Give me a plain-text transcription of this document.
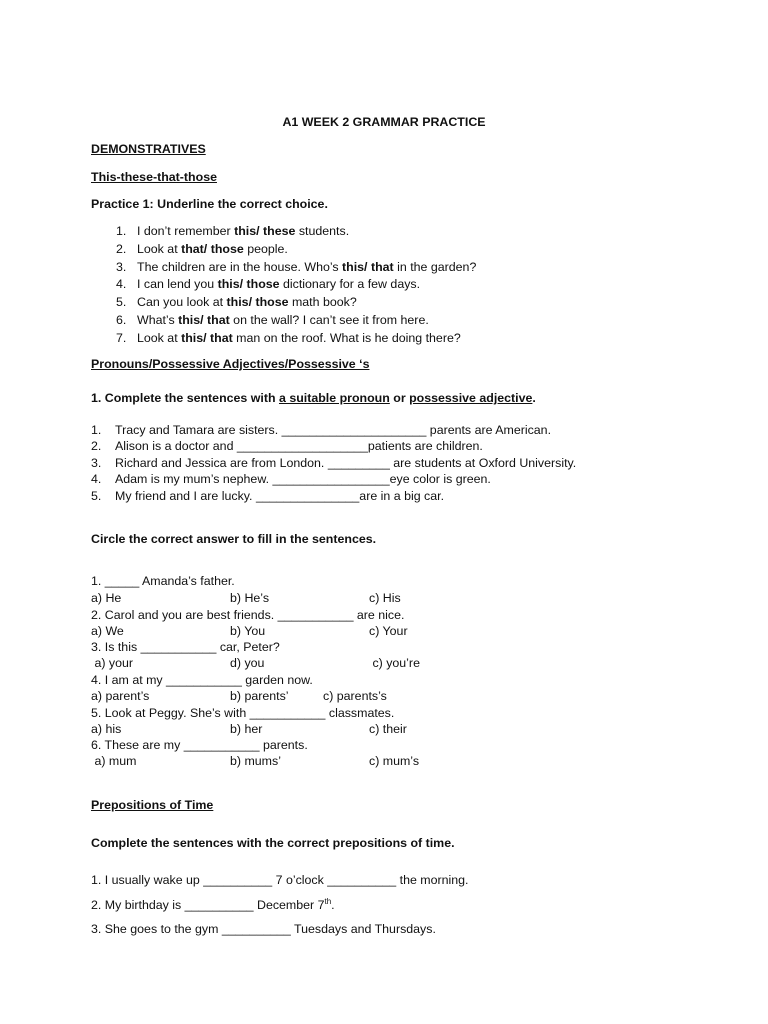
A1 WEEK 2 GRAMMAR PRACTICE
DEMONSTRATIVES
This-these-that-those
Practice 1: Underline the correct choice.
1. I don’t remember this/ these students.
2. Look at that/ those people.
3. The children are in the house. Who’s this/ that in the garden?
4. I can lend you this/ those dictionary for a few days.
5. Can you look at this/ those math book?
6. What’s this/ that on the wall? I can’t see it from here.
7. Look at this/ that man on the roof. What is he doing there?
Pronouns/Possessive Adjectives/Possessive ‘s
1. Complete the sentences with a suitable pronoun or possessive adjective.
1. Tracy and Tamara are sisters. _____________________ parents are American.
2. Alison is a doctor and ___________________patients are children.
3. Richard and Jessica are from London. _________ are students at Oxford University.
4. Adam is my mum’s nephew. _________________eye color is green.
5. My friend and I are lucky. _______________are in a big car.
Circle the correct answer to fill in the sentences.
1. _____ Amanda’s father.
a) He	b) He’s	c) His
2. Carol and you are best friends. ___________ are nice.
a) We	b) You	c) Your
3. Is this ___________ car, Peter?
a) your	d) you	c) you’re
4. I am at my ___________ garden now.
a) parent’s	b) parents’	c) parents’s
5. Look at Peggy. She’s with ___________ classmates.
a) his	b) her	c) their
6. These are my ___________ parents.
a) mum	b) mums’	c) mum’s
Prepositions of Time
Complete the sentences with the correct prepositions of time.
1. I usually wake up __________ 7 o’clock __________ the morning.
2. My birthday is __________ December 7th.
3. She goes to the gym __________ Tuesdays and Thursdays.
